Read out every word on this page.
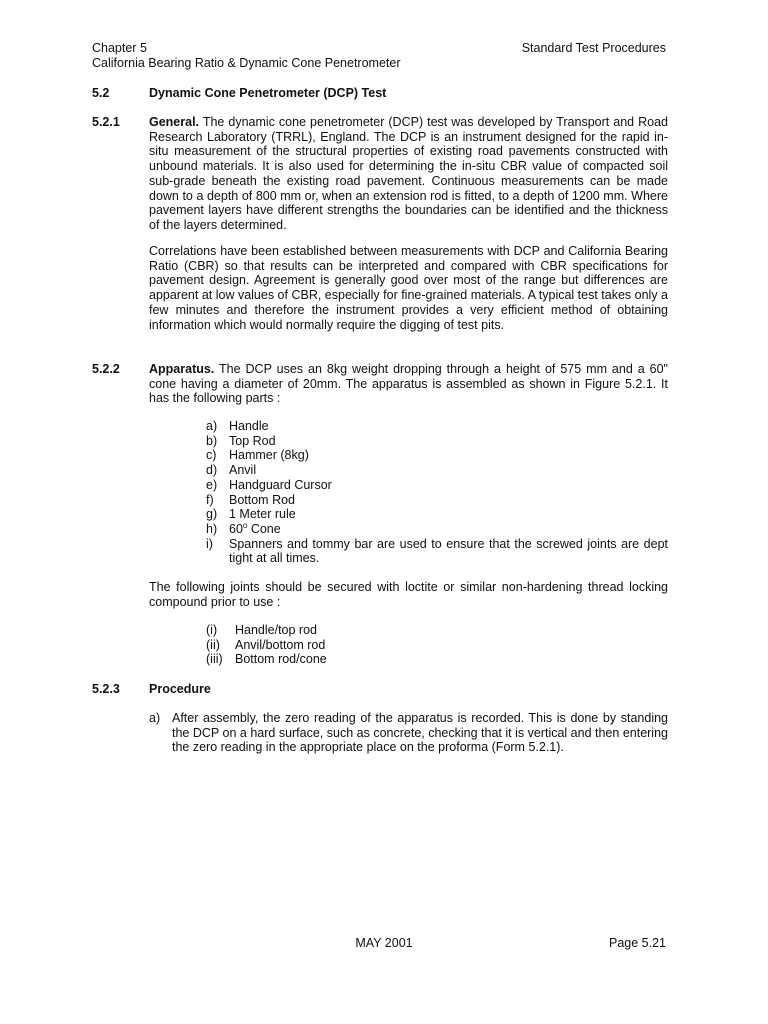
Chapter 5
California Bearing Ratio & Dynamic Cone Penetrometer
Standard Test Procedures
5.2	Dynamic Cone Penetrometer (DCP) Test
5.2.1 General. The dynamic cone penetrometer (DCP) test was developed by Transport and Road Research Laboratory (TRRL), England. The DCP is an instrument designed for the rapid in-situ measurement of the structural properties of existing road pavements constructed with unbound materials. It is also used for determining the in-situ CBR value of compacted soil sub-grade beneath the existing road pavement. Continuous measurements can be made down to a depth of 800 mm or, when an extension rod is fitted, to a depth of 1200 mm. Where pavement layers have different strengths the boundaries can be identified and the thickness of the layers determined.

Correlations have been established between measurements with DCP and California Bearing Ratio (CBR) so that results can be interpreted and compared with CBR specifications for pavement design. Agreement is generally good over most of the range but differences are apparent at low values of CBR, especially for fine-grained materials. A typical test takes only a few minutes and therefore the instrument provides a very efficient method of obtaining information which would normally require the digging of test pits.

5.2.2 Apparatus. The DCP uses an 8kg weight dropping through a height of 575 mm and a 60" cone having a diameter of 20mm. The apparatus is assembled as shown in Figure 5.2.1. It has the following parts :

a) Handle
b) Top Rod
c) Hammer (8kg)
d) Anvil
e) Handguard Cursor
f) Bottom Rod
g) 1 Meter rule
h) 60$^o$ Cone
i) Spanners and tommy bar are used to ensure that the screwed joints are dept tight at all times.

The following joints should be secured with loctite or similar non-hardening thread locking compound prior to use :

(i) Handle/top rod
(ii) Anvil/bottom rod
(iii) Bottom rod/cone
5.2.3 Procedure
a) After assembly, the zero reading of the apparatus is recorded. This is done by standing the DCP on a hard surface, such as concrete, checking that it is vertical and then entering the zero reading in the appropriate place on the proforma (Form 5.2.1).
MAY 2001	Page 5.21
